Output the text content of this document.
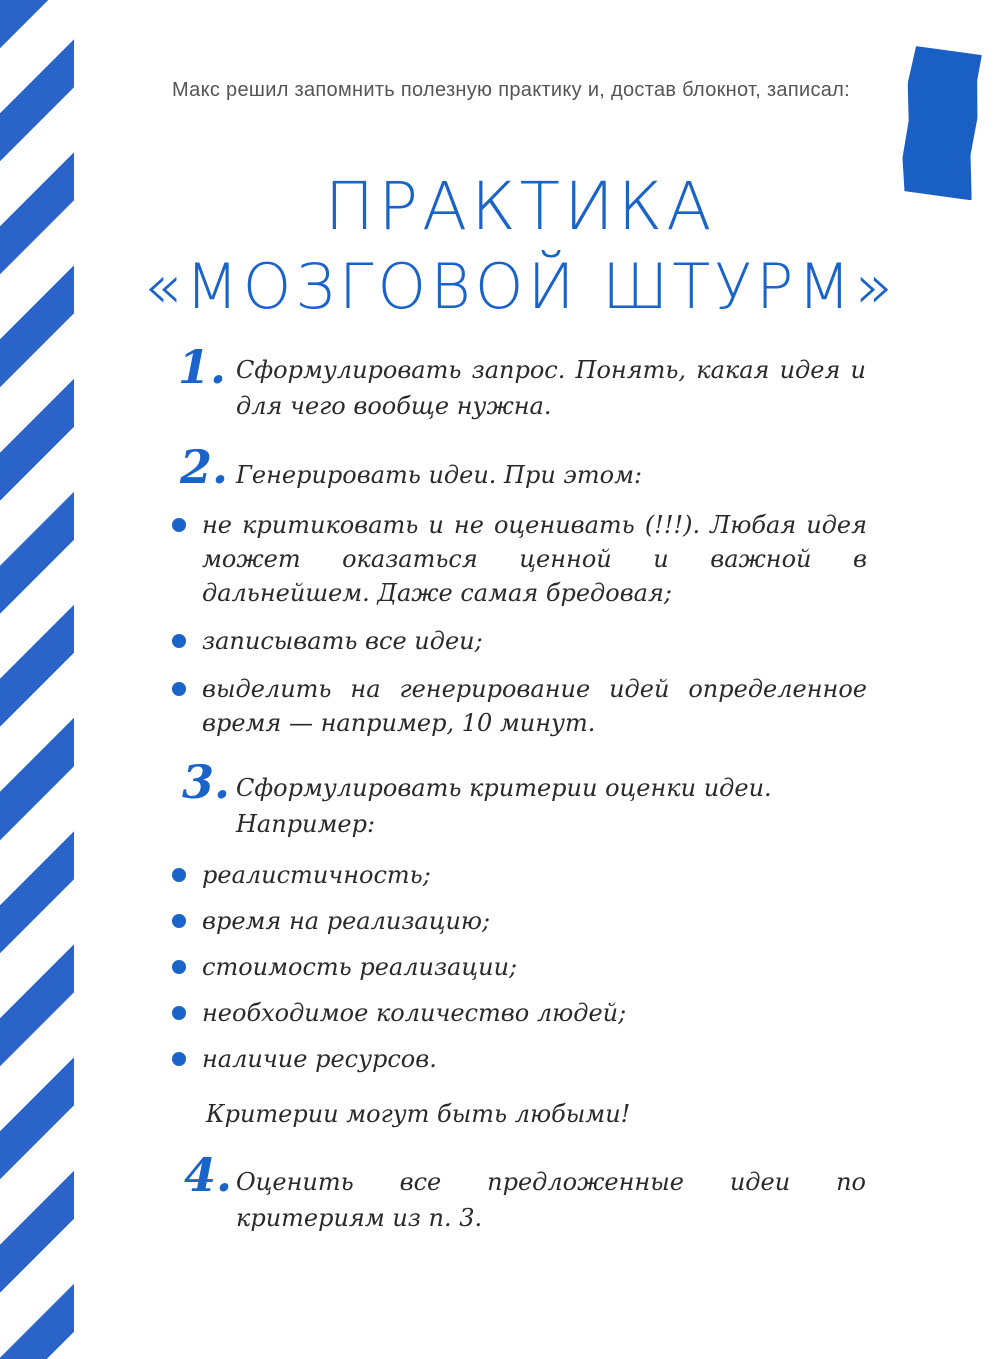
Макс решил запомнить полезную практику и, достав блокнот, записал:
ПРАКТИКА
«МОЗГОВОЙ ШТУРМ»
1. Сформулировать запрос. Понять, какая идея и для чего вообще нужна.
2. Генерировать идеи. При этом:
не критиковать и не оценивать (!!!). Любая идея может оказаться ценной и важной в дальнейшем. Даже самая бредовая;
записывать все идеи;
выделить на генерирование идей определенное время — например, 10 минут.
3. Сформулировать критерии оценки идеи. Например:
реалистичность;
время на реализацию;
стоимость реализации;
необходимое количество людей;
наличие ресурсов.
Критерии могут быть любыми!
4. Оценить все предложенные идеи по критериям из п. 3.
